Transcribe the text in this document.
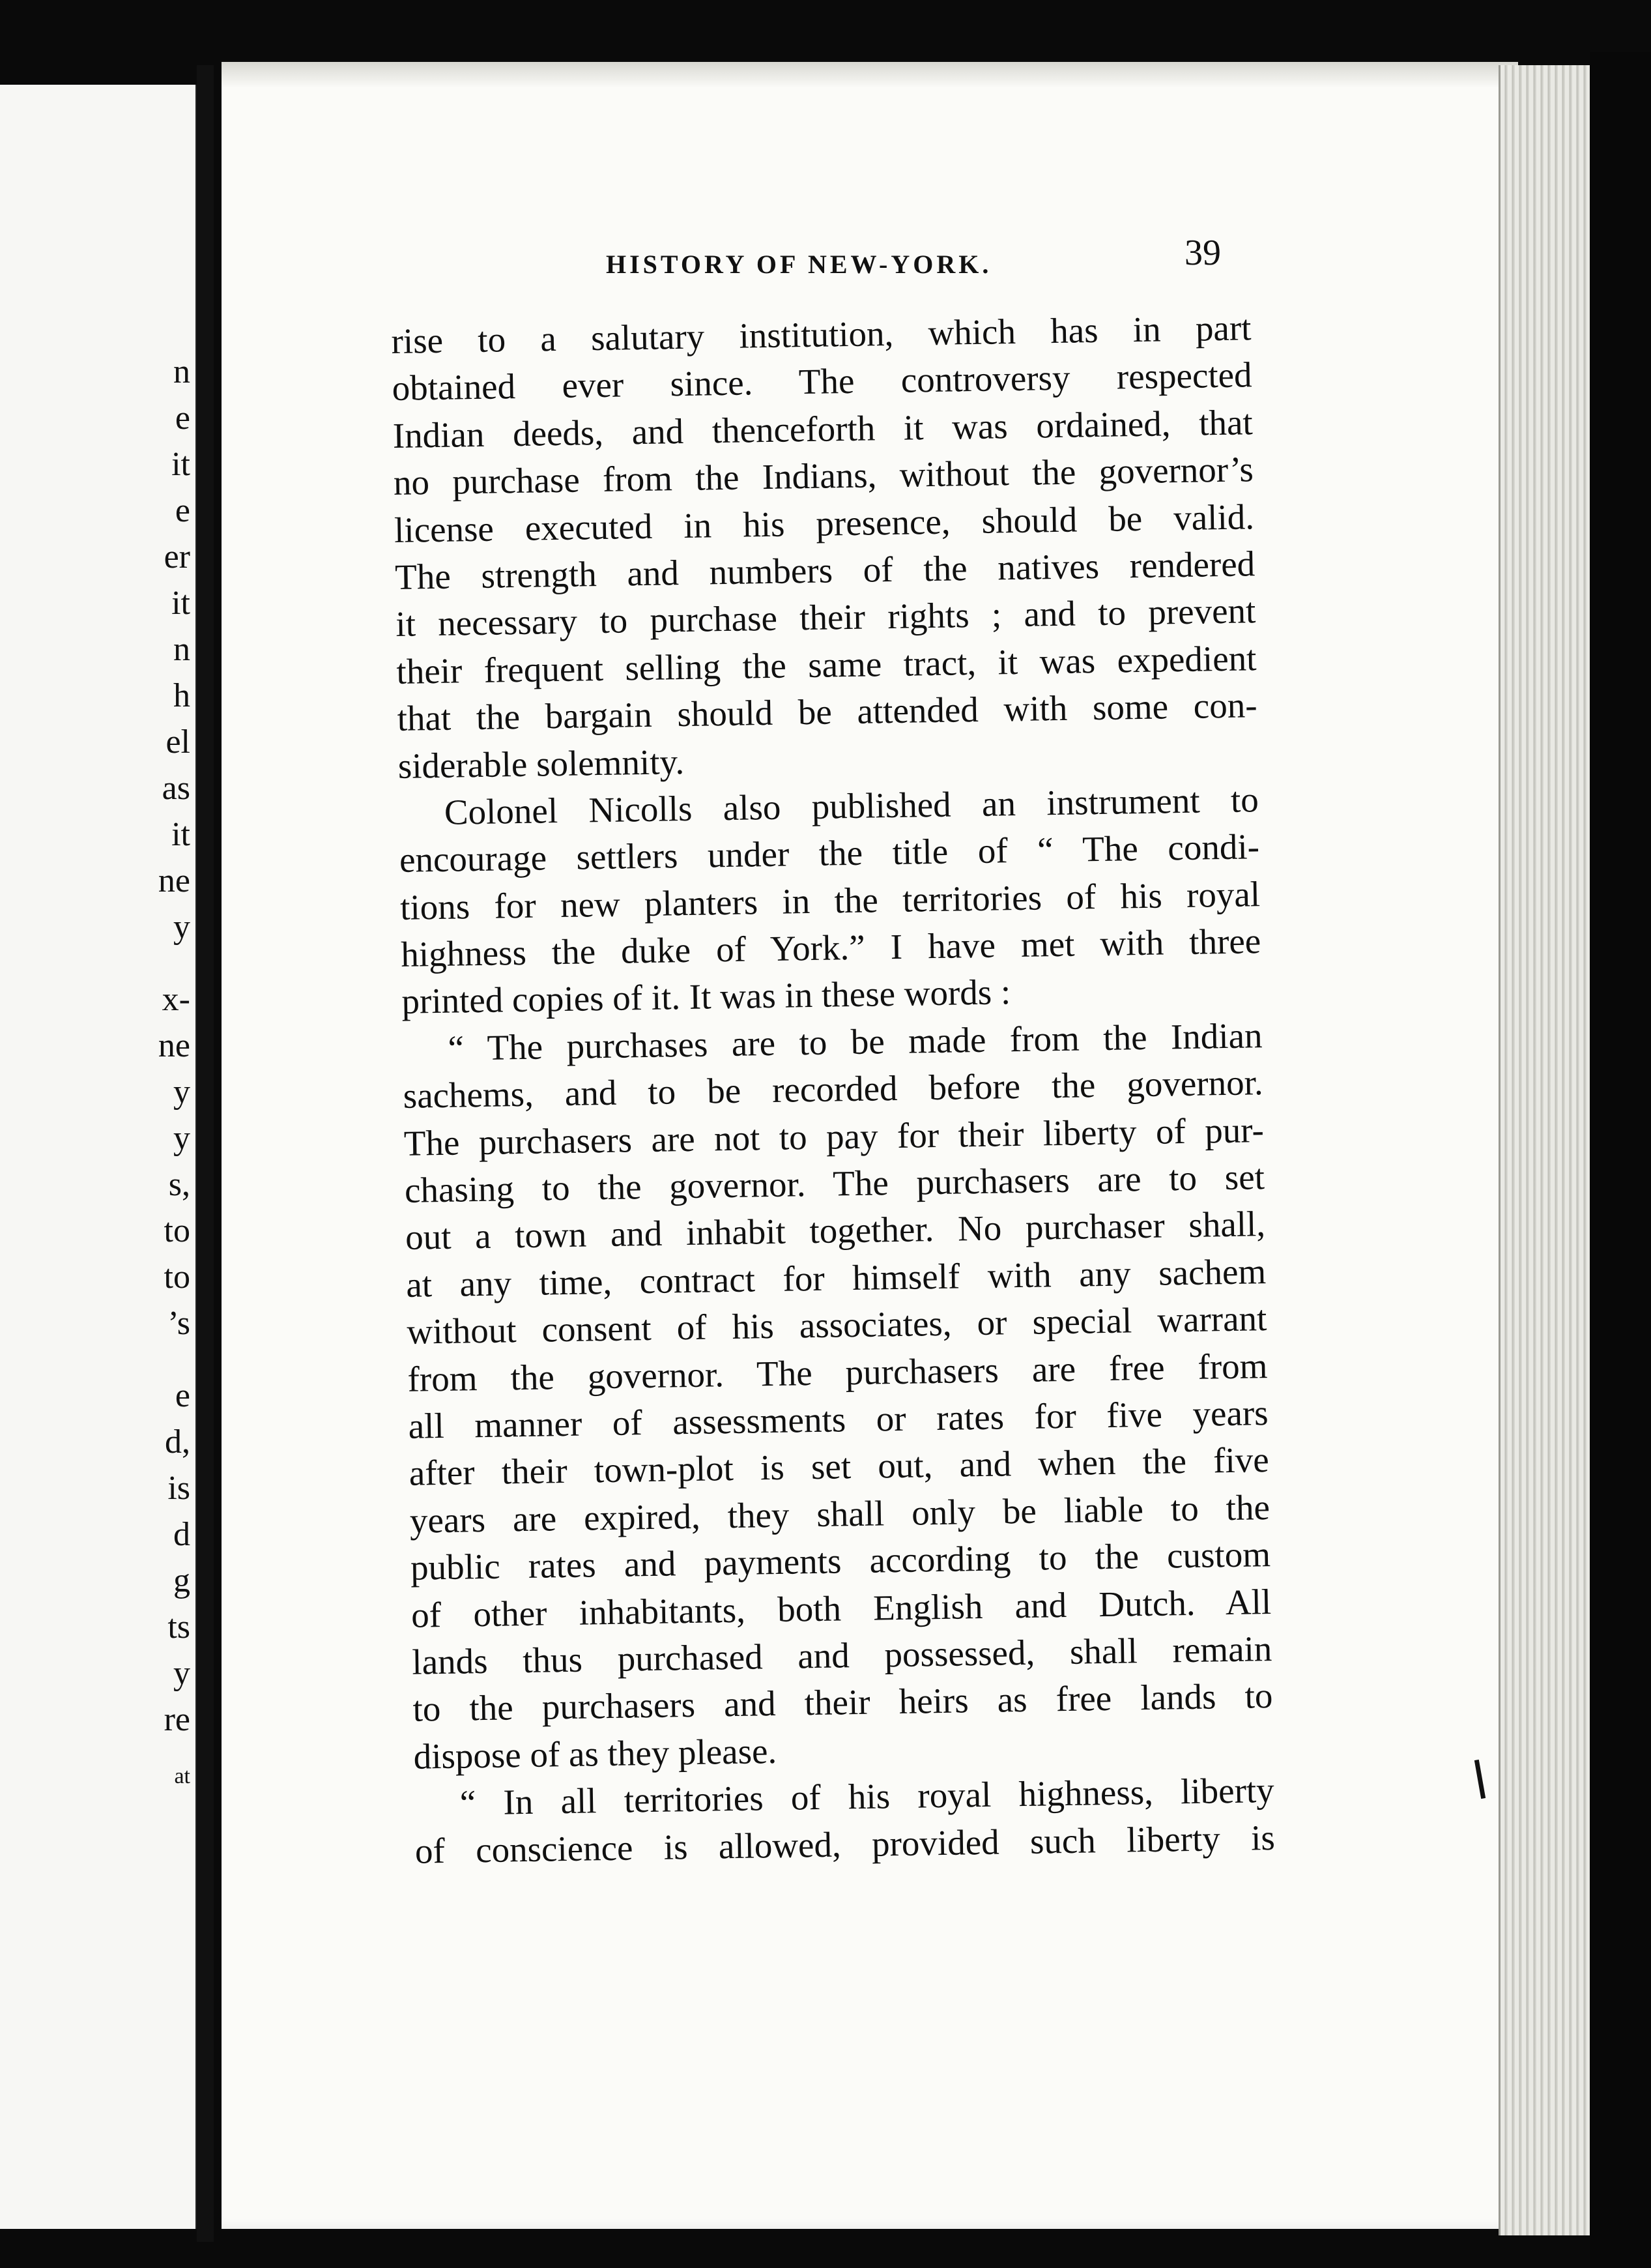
n
e
it
e
er
it
n
h
el
as
it
ne
y
x-
ne
y
y
s,
to
to
’s
e
d,
is
d
g
ts
y
re
at
HISTORY OF NEW-YORK.	39
rise to a salutary institution, which has in part
obtained ever since. The controversy respected
Indian deeds, and thenceforth it was ordained, that
no purchase from the Indians, without the governor’s
license executed in his presence, should be valid.
The strength and numbers of the natives rendered
it necessary to purchase their rights ; and to prevent
their frequent selling the same tract, it was expedient
that the bargain should be attended with some con-
siderable solemnity.
Colonel Nicolls also published an instrument to
encourage settlers under the title of “ The condi-
tions for new planters in the territories of his royal
highness the duke of York.” I have met with three
printed copies of it. It was in these words :
“ The purchases are to be made from the Indian
sachems, and to be recorded before the governor.
The purchasers are not to pay for their liberty of pur-
chasing to the governor. The purchasers are to set
out a town and inhabit together. No purchaser shall,
at any time, contract for himself with any sachem
without consent of his associates, or special warrant
from the governor. The purchasers are free from
all manner of assessments or rates for five years
after their town-plot is set out, and when the five
years are expired, they shall only be liable to the
public rates and payments according to the custom
of other inhabitants, both English and Dutch. All
lands thus purchased and possessed, shall remain
to the purchasers and their heirs as free lands to
dispose of as they please.
“ In all territories of his royal highness, liberty
of conscience is allowed, provided such liberty is
